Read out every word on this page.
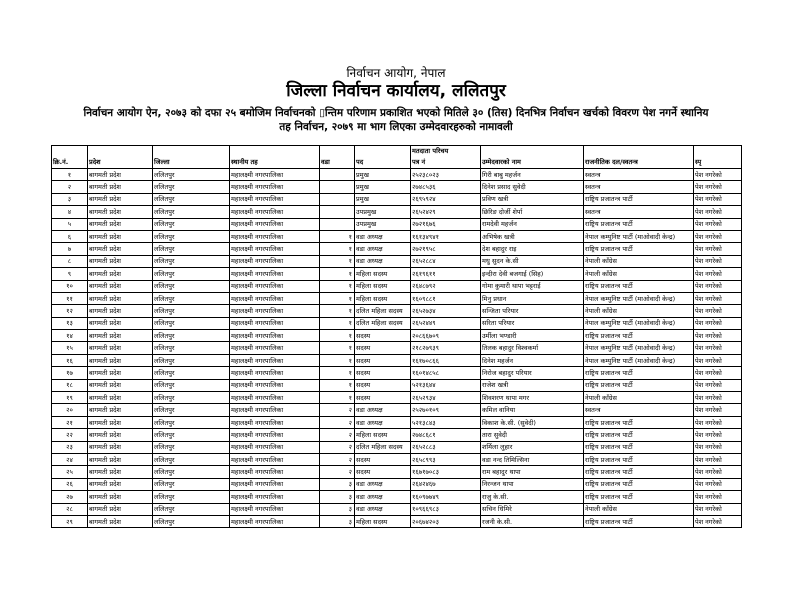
निर्वाचन आयोग, नेपाल
जिल्ला निर्वाचन कार्यालय, ललितपुर
निर्वाचन आयोग ऐन, २०७३ को दफा २५ बमोजिम निर्वाचनको ▯न्तिम परिणाम प्रकाशित भएको मितिले ३० (तिस) दिनभित्र निर्वाचन खर्चको विवरण पेश नगर्ने स्थानिय
तह निर्वाचन, २०७९ मा भाग लिएका उम्मेदवारहरुको नामावली
						मतदाता परिचय			
क्रि.नं.	प्रदेश	जिल्ला	स्थानीय तह	वडा	पद	पत्र नं	उम्मेदवारको नाम	राजनीतिक दल/स्वतन्त्र	स्पृ
१	बागमती प्रदेश	ललितपुर	महालक्ष्मी नगरपालिका		प्रमुख	२५२३८०२३	गिरी बाबु महर्जन	स्वतन्त्र	पेश नगरेको
२	बागमती प्रदेश	ललितपुर	महालक्ष्मी नगरपालिका		प्रमुख	२७४८५३६	दिनेश प्रसाद सुवेदी	स्वतन्त्र	पेश नगरेको
३	बागमती प्रदेश	ललितपुर	महालक्ष्मी नगरपालिका		प्रमुख	२६९५९२४	प्रविण खत्री	राष्ट्रिय प्रजातन्त्र पार्टी	पेश नगरेको
४	बागमती प्रदेश	ललितपुर	महालक्ष्मी नगरपालिका		उपप्रमुख	२६५२४२९	छिरिङ दोर्जी शेर्पा	स्वतन्त्र	पेश नगरेको
५	बागमती प्रदेश	ललितपुर	महालक्ष्मी नगरपालिका		उपप्रमुख	२७२१६७६	रामदेवी महर्जन	राष्ट्रिय प्रजातन्त्र पार्टी	पेश नगरेको
६	बागमती प्रदेश	ललितपुर	महालक्ष्मी नगरपालिका	१	वडा अध्यक्ष	१६१३४९४१	अभिषेक खत्री	नेपाल कम्युनिष्ट पार्टी (माओवादी केन्द्र)	पेश नगरेको
७	बागमती प्रदेश	ललितपुर	महालक्ष्मी नगरपालिका	१	वडा अध्यक्ष	२७२१९५८	देश बहादुर राइ	राष्ट्रिय प्रजातन्त्र पार्टी	पेश नगरेको
८	बागमती प्रदेश	ललितपुर	महालक्ष्मी नगरपालिका	१	वडा अध्यक्ष	२६५२८८४	मधु सुदन के.सी	नेपाली काँग्रेस	पेश नगरेको
९	बागमती प्रदेश	ललितपुर	महालक्ष्मी नगरपालिका	१	महिला सदस्य	२६१९६११	इन्दीरा देवी बजगाई (सिह)	नेपाली काँग्रेस	पेश नगरेको
१०	बागमती प्रदेश	ललितपुर	महालक्ष्मी नगरपालिका	१	महिला सदस्य	२६४८७९२	गोमा कुमारी थापा भट्टराई	राष्ट्रिय प्रजातन्त्र पार्टी	पेश नगरेको
११	बागमती प्रदेश	ललितपुर	महालक्ष्मी नगरपालिका	१	महिला सदस्य	१६०९८८१	मिनु प्रधान	नेपाल कम्युनिष्ट पार्टी (माओवादी केन्द्र)	पेश नगरेको
१२	बागमती प्रदेश	ललितपुर	महालक्ष्मी नगरपालिका	१	दलित महिला सदस्य	२६५२७३४	सन्जिता परियार	नेपाली काँग्रेस	पेश नगरेको
१३	बागमती प्रदेश	ललितपुर	महालक्ष्मी नगरपालिका	१	दलित महिला सदस्य	२६५२४४९	सरिता परियार	नेपाल कम्युनिष्ट पार्टी (माओवादी केन्द्र)	पेश नगरेको
१४	बागमती प्रदेश	ललितपुर	महालक्ष्मी नगरपालिका	१	सदस्य	२०८६६७०९	उर्मीला भण्डारी	राष्ट्रिय प्रजातन्त्र पार्टी	पेश नगरेको
१५	बागमती प्रदेश	ललितपुर	महालक्ष्मी नगरपालिका	१	सदस्य	२१८२७९३९	तिलक बहादुर विश्वकर्मा	नेपाल कम्युनिष्ट पार्टी (माओवादी केन्द्र)	पेश नगरेको
१६	बागमती प्रदेश	ललितपुर	महालक्ष्मी नगरपालिका	१	सदस्य	१६१७०८६६	दिनेश महर्जन	नेपाल कम्युनिष्ट पार्टी (माओवादी केन्द्र)	पेश नगरेको
१७	बागमती प्रदेश	ललितपुर	महालक्ष्मी नगरपालिका	१	सदस्य	१६०१४८५८	निरोज बहादुर परियार	राष्ट्रिय प्रजातन्त्र पार्टी	पेश नगरेको
१८	बागमती प्रदेश	ललितपुर	महालक्ष्मी नगरपालिका	१	सदस्य	५२१३६४४	राजेश खत्री	राष्ट्रिय प्रजातन्त्र पार्टी	पेश नगरेको
१९	बागमती प्रदेश	ललितपुर	महालक्ष्मी नगरपालिका	१	सदस्य	२६५२९३४	शिवशरण थापा मगर	नेपाली काँग्रेस	पेश नगरेको
२०	बागमती प्रदेश	ललितपुर	महालक्ष्मी नगरपालिका	२	वडा अध्यक्ष	२५२७०१०९	कमिल वानिया	स्वतन्त्र	पेश नगरेको
२१	बागमती प्रदेश	ललितपुर	महालक्ष्मी नगरपालिका	२	वडा अध्यक्ष	५२१३८४३	विकाश के.सी. (सुवेदी)	राष्ट्रिय प्रजातन्त्र पार्टी	पेश नगरेको
२२	बागमती प्रदेश	ललितपुर	महालक्ष्मी नगरपालिका	२	महिला सदस्य	२७४८६८१	तारा सुवेदी	राष्ट्रिय प्रजातन्त्र पार्टी	पेश नगरेको
२३	बागमती प्रदेश	ललितपुर	महालक्ष्मी नगरपालिका	२	दलित महिला सदस्य	२६५२८८३	शर्मिला लुहार	राष्ट्रिय प्रजातन्त्र पार्टी	पेश नगरेको
२४	बागमती प्रदेश	ललितपुर	महालक्ष्मी नगरपालिका	२	सदस्य	२६५८९९३	वडा नन्द तिमिल्सिना	राष्ट्रिय प्रजातन्त्र पार्टी	पेश नगरेको
२५	बागमती प्रदेश	ललितपुर	महालक्ष्मी नगरपालिका	२	सदस्य	१६७१७०८३	राम बहादुर थापा	राष्ट्रिय प्रजातन्त्र पार्टी	पेश नगरेको
२६	बागमती प्रदेश	ललितपुर	महालक्ष्मी नगरपालिका	३	वडा अध्यक्ष	२६४२४६७	निरन्जन थापा	राष्ट्रिय प्रजातन्त्र पार्टी	पेश नगरेको
२७	बागमती प्रदेश	ललितपुर	महालक्ष्मी नगरपालिका	३	वडा अध्यक्ष	१६०९७७४९	राजु के.सी.	राष्ट्रिय प्रजातन्त्र पार्टी	पेश नगरेको
२८	बागमती प्रदेश	ललितपुर	महालक्ष्मी नगरपालिका	३	वडा अध्यक्ष	१०९६६९८३	सचिन धिमिरे	नेपाली काँग्रेस	पेश नगरेको
२९	बागमती प्रदेश	ललितपुर	महालक्ष्मी नगरपालिका	३	महिला सदस्य	२०६७४२०३	रजनी के.सी.	राष्ट्रिय प्रजातन्त्र पार्टी	पेश नगरेको
